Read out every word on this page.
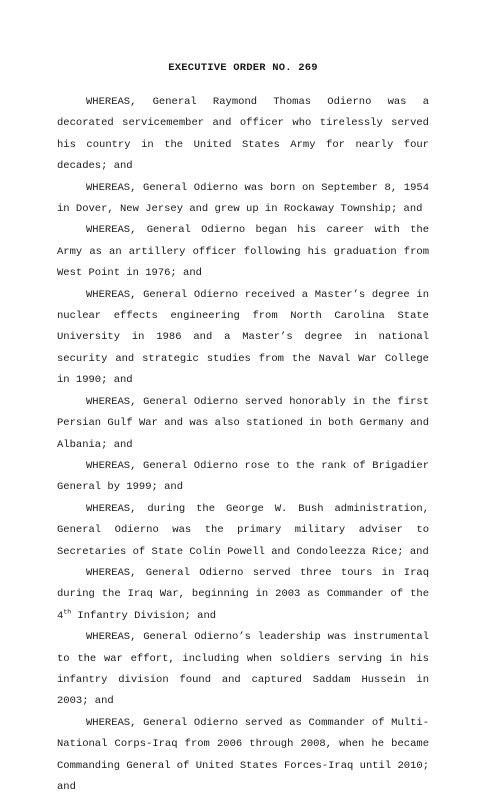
EXECUTIVE ORDER NO. 269

WHEREAS, General Raymond Thomas Odierno was a decorated servicemember and officer who tirelessly served his country in the United States Army for nearly four decades; and

WHEREAS, General Odierno was born on September 8, 1954 in Dover, New Jersey and grew up in Rockaway Township; and

WHEREAS, General Odierno began his career with the Army as an artillery officer following his graduation from West Point in 1976; and

WHEREAS, General Odierno received a Master’s degree in nuclear effects engineering from North Carolina State University in 1986 and a Master’s degree in national security and strategic studies from the Naval War College in 1990; and

WHEREAS, General Odierno served honorably in the first Persian Gulf War and was also stationed in both Germany and Albania; and

WHEREAS, General Odierno rose to the rank of Brigadier General by 1999; and

WHEREAS, during the George W. Bush administration, General Odierno was the primary military adviser to Secretaries of State Colin Powell and Condoleezza Rice; and

WHEREAS, General Odierno served three tours in Iraq during the Iraq War, beginning in 2003 as Commander of the 4th Infantry Division; and

WHEREAS, General Odierno’s leadership was instrumental to the war effort, including when soldiers serving in his infantry division found and captured Saddam Hussein in 2003; and

WHEREAS, General Odierno served as Commander of Multi-National Corps-Iraq from 2006 through 2008, when he became Commanding General of United States Forces-Iraq until 2010; and
